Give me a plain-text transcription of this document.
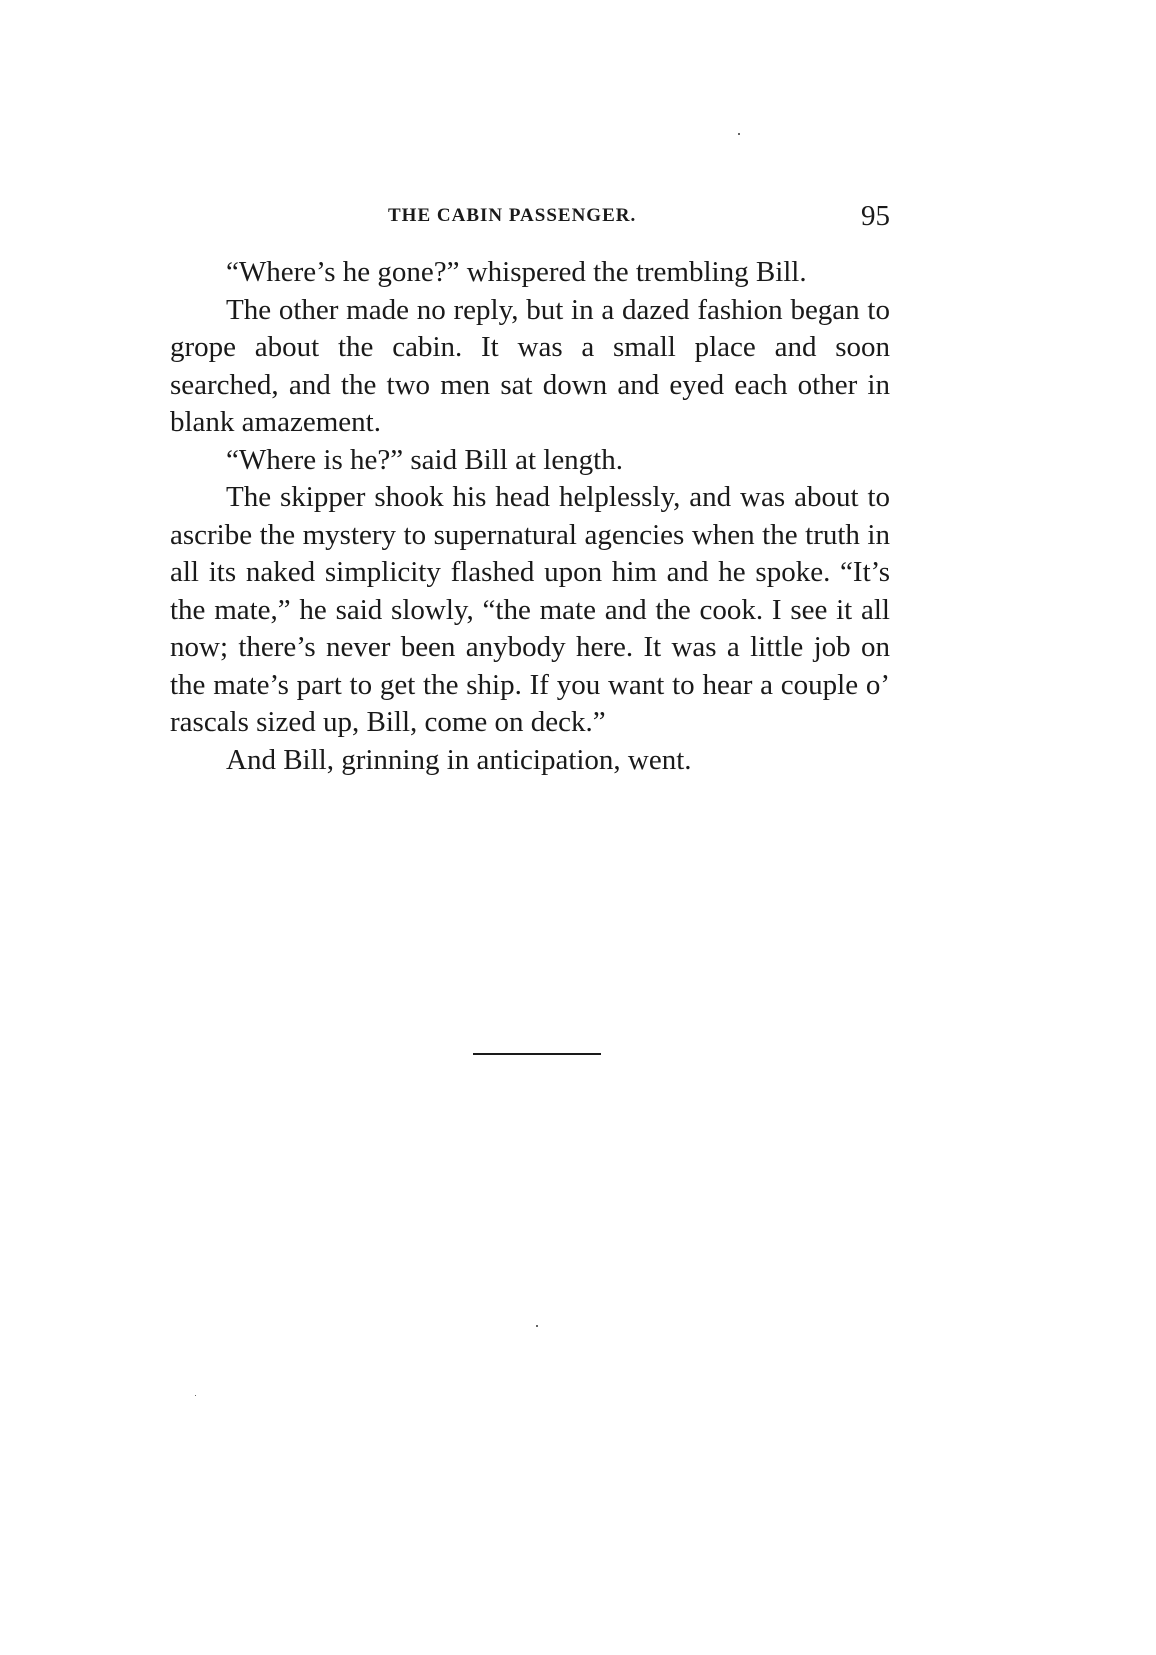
THE CABIN PASSENGER.	95

“Where’s he gone?” whispered the trembling Bill.

The other made no reply, but in a dazed fashion began to grope about the cabin. It was a small place and soon searched, and the two men sat down and eyed each other in blank amazement.

“Where is he?” said Bill at length.

The skipper shook his head helplessly, and was about to ascribe the mystery to supernatural agencies when the truth in all its naked simplicity flashed upon him and he spoke. “It’s the mate,” he said slowly, “the mate and the cook. I see it all now; there’s never been anybody here. It was a little job on the mate’s part to get the ship. If you want to hear a couple o’ rascals sized up, Bill, come on deck.”

And Bill, grinning in anticipation, went.
